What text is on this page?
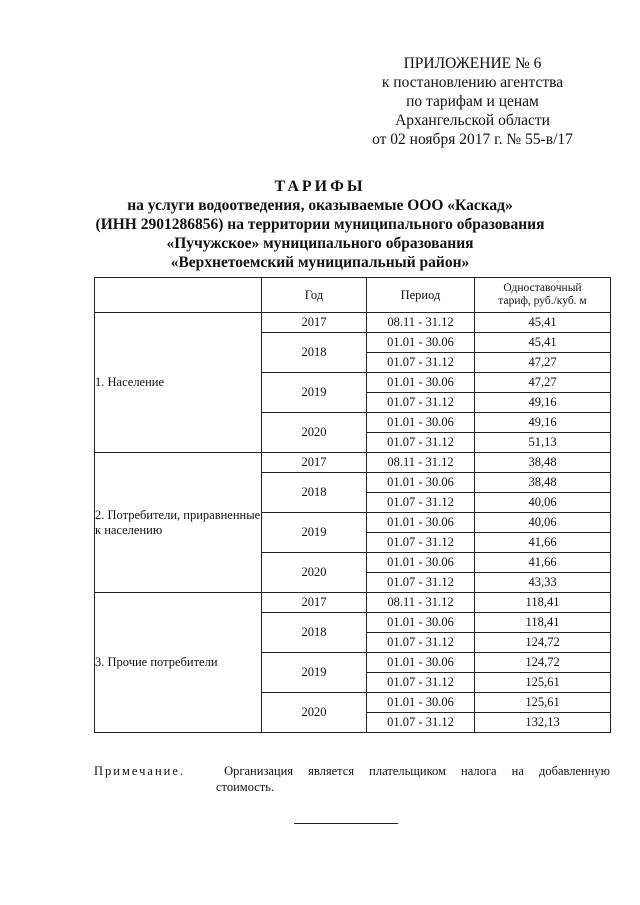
ПРИЛОЖЕНИЕ № 6
к постановлению агентства
по тарифам и ценам
Архангельской области
от 02 ноября 2017 г. № 55-в/17
ТАРИФЫ
на услуги водоотведения, оказываемые ООО «Каскад»
(ИНН 2901286856) на территории муниципального образования
«Пучужское» муниципального образования
«Верхнетоемский муниципальный район»
	Год	Период	Одноставочный
тариф, руб./куб. м

1. Население	2017	08.11 - 31.12	45,41
	2018	01.01 - 30.06	45,41
		01.07 - 31.12	47,27
	2019	01.01 - 30.06	47,27
		01.07 - 31.12	49,16
	2020	01.01 - 30.06	49,16
		01.07 - 31.12	51,13
2. Потребители, приравненные к населению	2017	08.11 - 31.12	38,48
	2018	01.01 - 30.06	38,48
		01.07 - 31.12	40,06
	2019	01.01 - 30.06	40,06
		01.07 - 31.12	41,66
	2020	01.01 - 30.06	41,66
		01.07 - 31.12	43,33
3. Прочие потребители	2017	08.11 - 31.12	118,41
	2018	01.01 - 30.06	118,41
		01.07 - 31.12	124,72
	2019	01.01 - 30.06	124,72
		01.07 - 31.12	125,61
	2020	01.01 - 30.06	125,61
		01.07 - 31.12	132,13
Примечание.	Организация является плательщиком налога на добавленную
стоимость.
